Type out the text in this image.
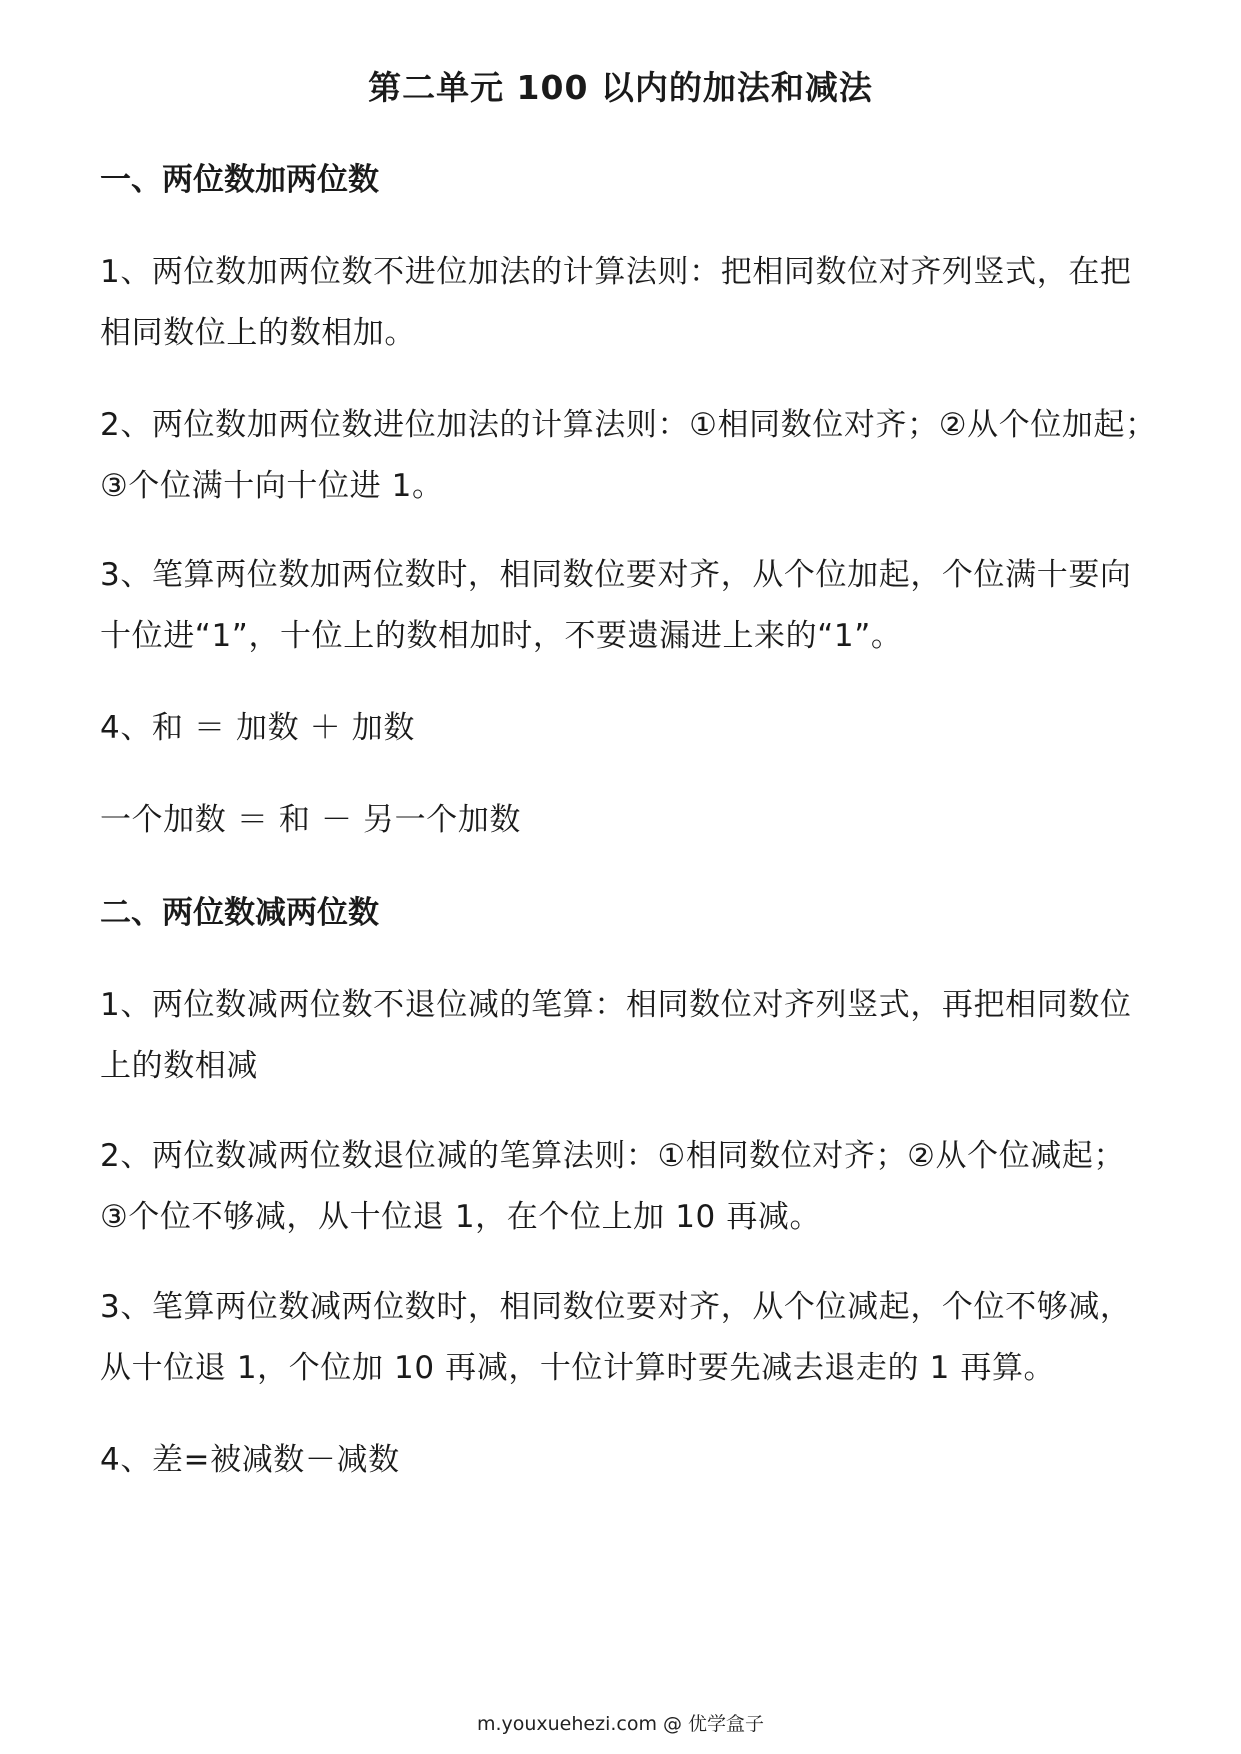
第二单元 100 以内的加法和减法
一、两位数加两位数
1、两位数加两位数不进位加法的计算法则：把相同数位对齐列竖式，在把
相同数位上的数相加。
2、两位数加两位数进位加法的计算法则：①相同数位对齐；②从个位加起；
③个位满十向十位进 1。
3、笔算两位数加两位数时，相同数位要对齐，从个位加起，个位满十要向
十位进“1”，十位上的数相加时，不要遗漏进上来的“1”。
4、和 ＝ 加数 ＋ 加数
一个加数 ＝ 和 － 另一个加数
二、两位数减两位数
1、两位数减两位数不退位减的笔算：相同数位对齐列竖式，再把相同数位
上的数相减
2、两位数减两位数退位减的笔算法则：①相同数位对齐；②从个位减起；
③个位不够减，从十位退 1，在个位上加 10 再减。
3、笔算两位数减两位数时，相同数位要对齐，从个位减起，个位不够减，
从十位退 1，个位加 10 再减，十位计算时要先减去退走的 1 再算。
4、差=被减数－减数
m.youxuehezi.com @ 优学盒子
